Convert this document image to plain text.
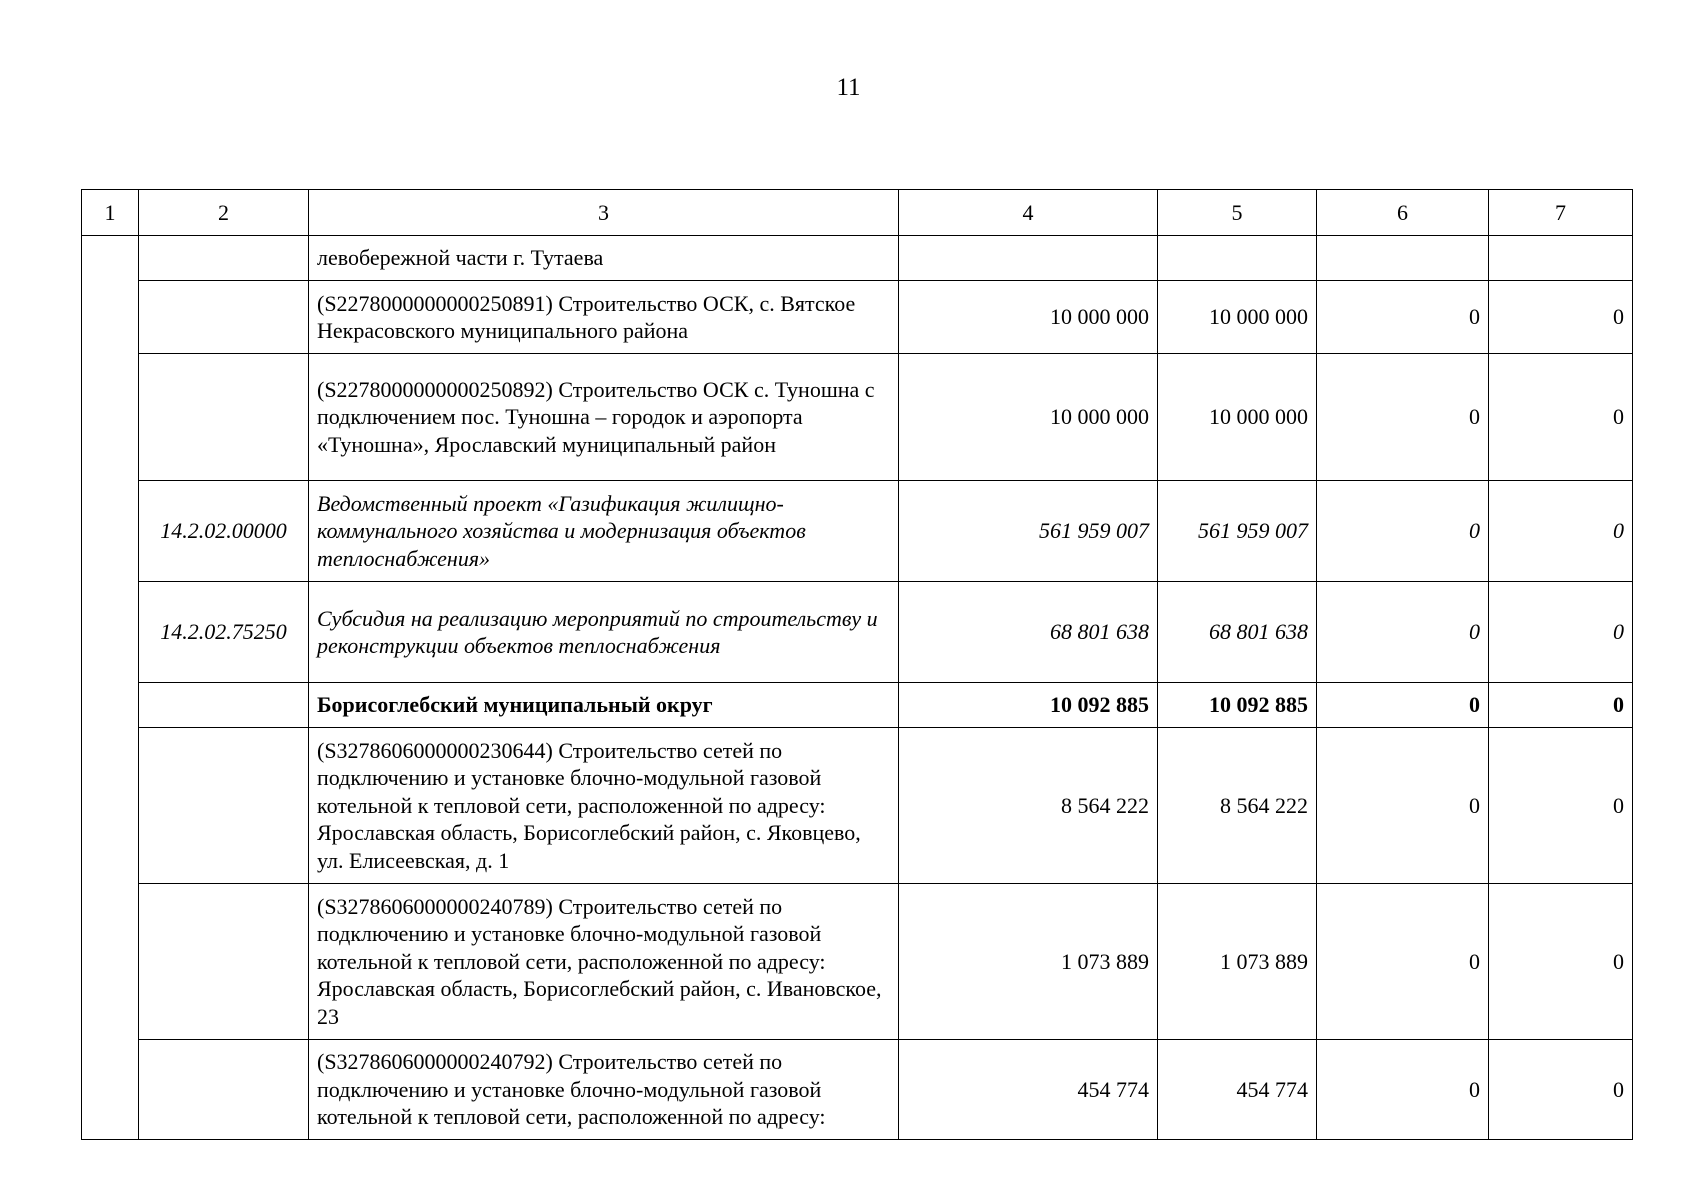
11
1	2	3	4	5	6	7
		левобережной части г. Тутаева				
		(S2278000000000250891) Строительство ОСК, с. Вятское Некрасовского муниципального района	10 000 000	10 000 000	0	0
		(S2278000000000250892) Строительство ОСК с. Туношна с подключением пос. Туношна – городок и аэропорта «Туношна», Ярославский муниципальный район	10 000 000	10 000 000	0	0
	14.2.02.00000	Ведомственный проект «Газификация жилищно-коммунального хозяйства и модернизация объектов теплоснабжения»	561 959 007	561 959 007	0	0
	14.2.02.75250	Субсидия на реализацию мероприятий по строительству и реконструкции объектов теплоснабжения	68 801 638	68 801 638	0	0
		Борисоглебский муниципальный округ	10 092 885	10 092 885	0	0
		(S3278606000000230644) Строительство сетей по подключению и установке блочно-модульной газовой котельной к тепловой сети, расположенной по адресу: Ярославская область, Борисоглебский район, с. Яковцево, ул. Елисеевская, д. 1	8 564 222	8 564 222	0	0
		(S3278606000000240789) Строительство сетей по подключению и установке блочно-модульной газовой котельной к тепловой сети, расположенной по адресу: Ярославская область, Борисоглебский район, с. Ивановское, 23	1 073 889	1 073 889	0	0
		(S3278606000000240792) Строительство сетей по подключению и установке блочно-модульной газовой котельной к тепловой сети, расположенной по адресу:	454 774	454 774	0	0
